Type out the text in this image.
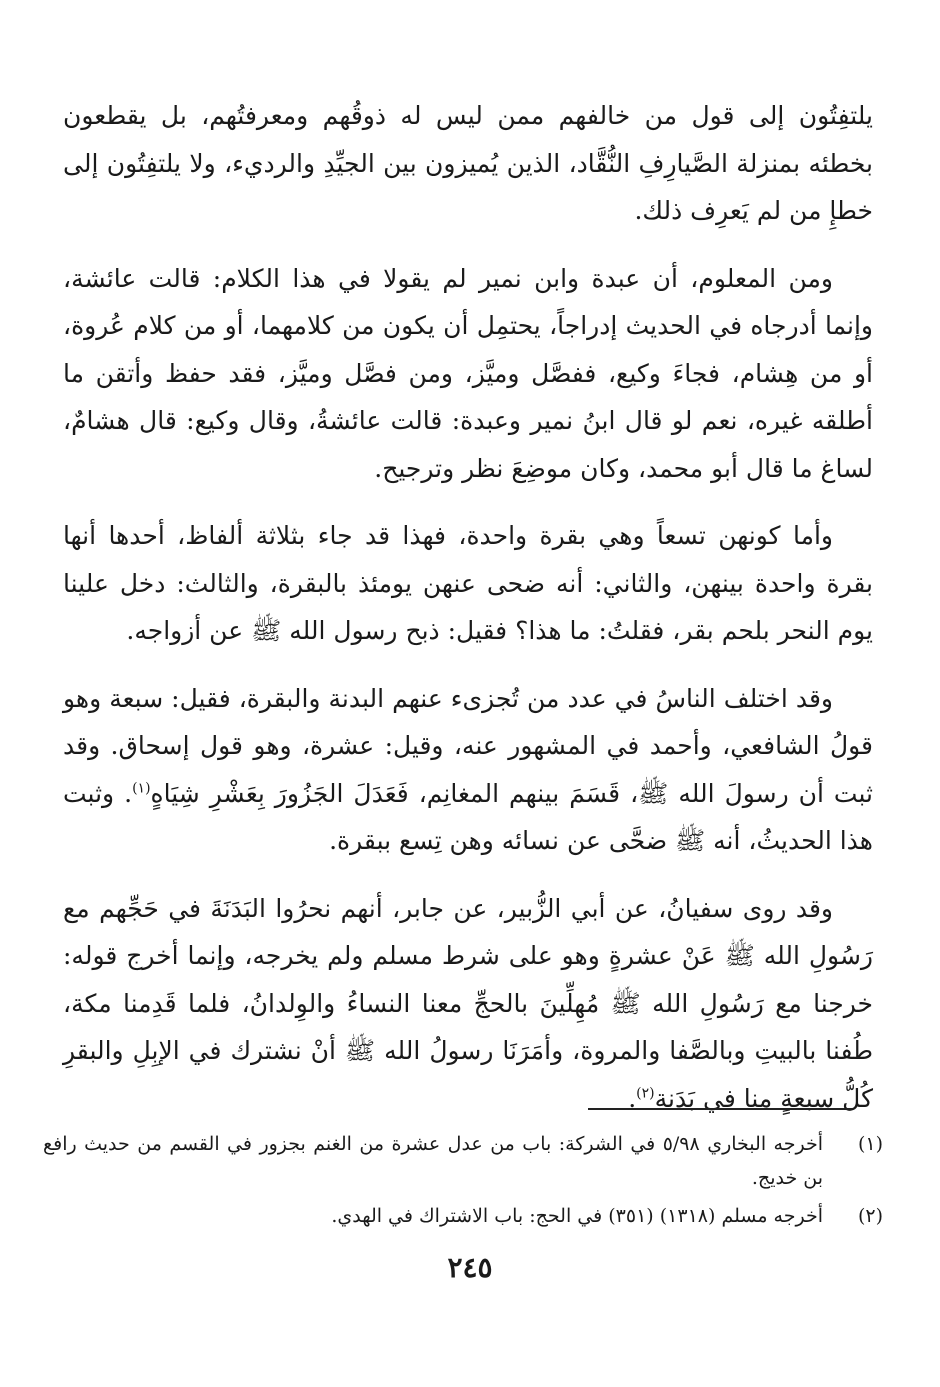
يلتفِتُون إلى قول من خالفهم ممن ليس له ذوقُهم ومعرفتُهم، بل يقطعون بخطئه بمنزلة الصَّيارِفِ النُّقَّاد، الذين يُميزون بين الجيِّدِ والرديء، ولا يلتفِتُون إلى خطإِ من لم يَعرِف ذلك.

ومن المعلوم، أن عبدة وابن نمير لم يقولا في هذا الكلام: قالت عائشة، وإنما أدرجاه في الحديث إدراجاً، يحتمِل أن يكون من كلامهما، أو من كلام عُروة، أو من هِشام، فجاءَ وكيع، ففصَّل وميَّز، ومن فصَّل وميَّز، فقد حفظ وأتقن ما أطلقه غيره، نعم لو قال ابنُ نمير وعبدة: قالت عائشةُ، وقال وكيع: قال هشامٌ، لساغ ما قال أبو محمد، وكان موضِعَ نظر وترجيح.

وأما كونهن تسعاً وهي بقرة واحدة، فهذا قد جاء بثلاثة ألفاظ، أحدها أنها بقرة واحدة بينهن، والثاني: أنه ضحى عنهن يومئذ بالبقرة، والثالث: دخل علينا يوم النحر بلحم بقر، فقلتُ: ما هذا؟ فقيل: ذبح رسول الله ﷺ عن أزواجه.

وقد اختلف الناسُ في عدد من تُجزىء عنهم البدنة والبقرة، فقيل: سبعة وهو قولُ الشافعي، وأحمد في المشهور عنه، وقيل: عشرة، وهو قول إسحاق. وقد ثبت أن رسولَ الله ﷺ، قَسَمَ بينهم المغانِم، فَعَدَلَ الجَزُورَ بِعَشْرِ شِيَاهٍ$^{(١)}$. وثبت هذا الحديثُ، أنه ﷺ ضحَّى عن نسائه وهن تِسع ببقرة.

وقد روى سفيانُ، عن أبي الزُّبير، عن جابر، أنهم نحرُوا البَدَنَةَ في حَجِّهم مع رَسُولِ الله ﷺ عَنْ عشرةٍ وهو على شرط مسلم ولم يخرجه، وإنما أخرج قوله: خرجنا مع رَسُولِ الله ﷺ مُهِلِّينَ بالحجِّ معنا النساءُ والوِلدانُ، فلما قَدِمنا مكة، طُفنا بالبيتِ وبالصَّفا والمروة، وأمَرَنَا رسولُ الله ﷺ أنْ نشترك في الإبِلِ والبقرِ كُلُّ سبعةٍ منا في بَدَنة$^{(٢)}$.

(١)
أخرجه البخاري ٥/٩٨ في الشركة: باب من عدل عشرة من الغنم بجزور في القسم من حديث رافع بن خديج.
(٢)
أخرجه مسلم (١٣١٨) (٣٥١) في الحج: باب الاشتراك في الهدي.
٢٤٥
